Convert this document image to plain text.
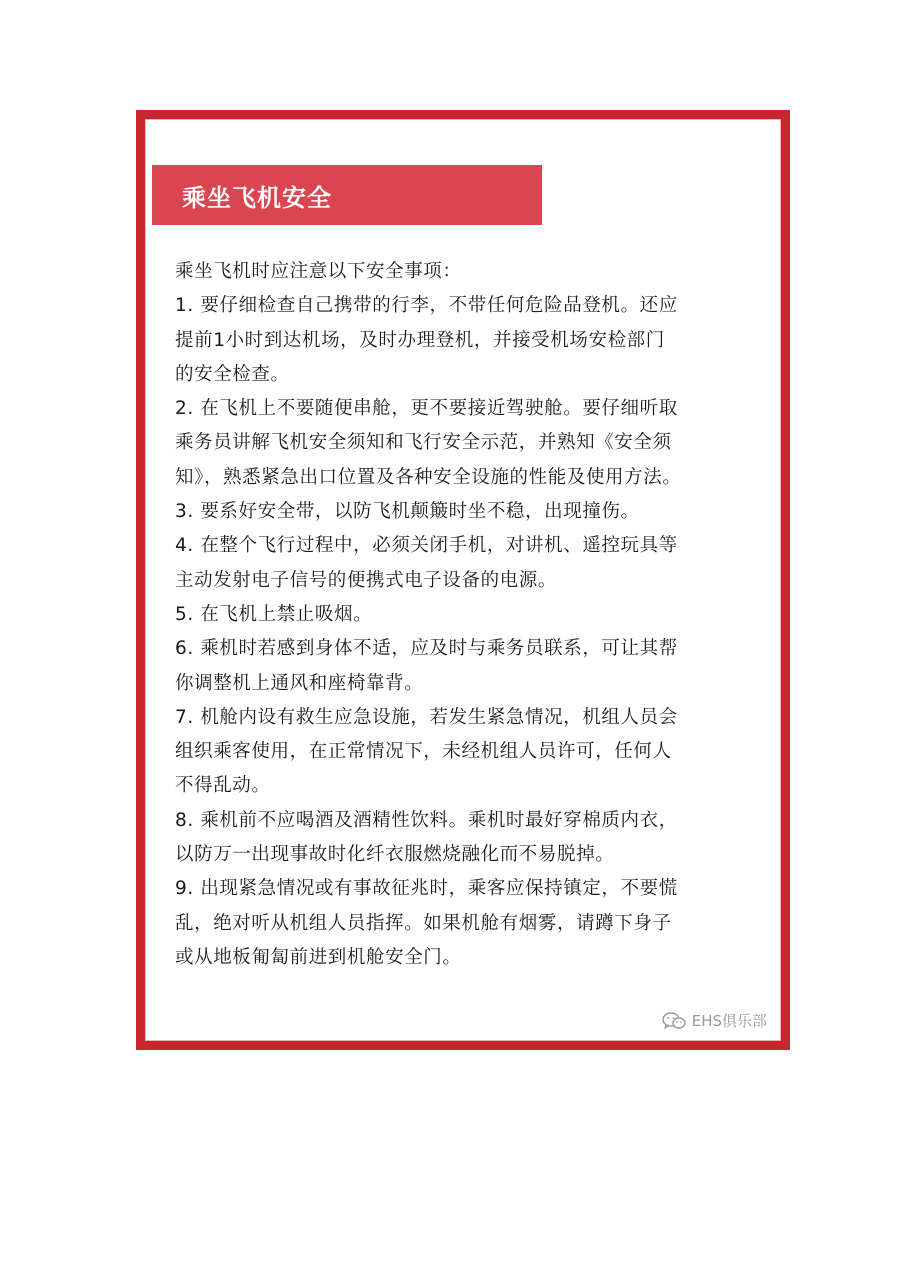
乘坐飞机安全

乘坐飞机时应注意以下安全事项：

1. 要仔细检查自己携带的行李，不带任何危险品登机。还应
提前1小时到达机场，及时办理登机，并接受机场安检部门
的安全检查。

2. 在飞机上不要随便串舱，更不要接近驾驶舱。要仔细听取
乘务员讲解飞机安全须知和飞行安全示范，并熟知《安全须
知》，熟悉紧急出口位置及各种安全设施的性能及使用方法。

3. 要系好安全带，以防飞机颠簸时坐不稳，出现撞伤。

4. 在整个飞行过程中，必须关闭手机，对讲机、遥控玩具等
主动发射电子信号的便携式电子设备的电源。

5. 在飞机上禁止吸烟。

6. 乘机时若感到身体不适，应及时与乘务员联系，可让其帮
你调整机上通风和座椅靠背。

7. 机舱内设有救生应急设施，若发生紧急情况，机组人员会
组织乘客使用，在正常情况下，未经机组人员许可，任何人
不得乱动。

8. 乘机前不应喝酒及酒精性饮料。乘机时最好穿棉质内衣，
以防万一出现事故时化纤衣服燃烧融化而不易脱掉。

9. 出现紧急情况或有事故征兆时，乘客应保持镇定，不要慌
乱，绝对听从机组人员指挥。如果机舱有烟雾，请蹲下身子
或从地板匍匐前进到机舱安全门。

EHS俱乐部
